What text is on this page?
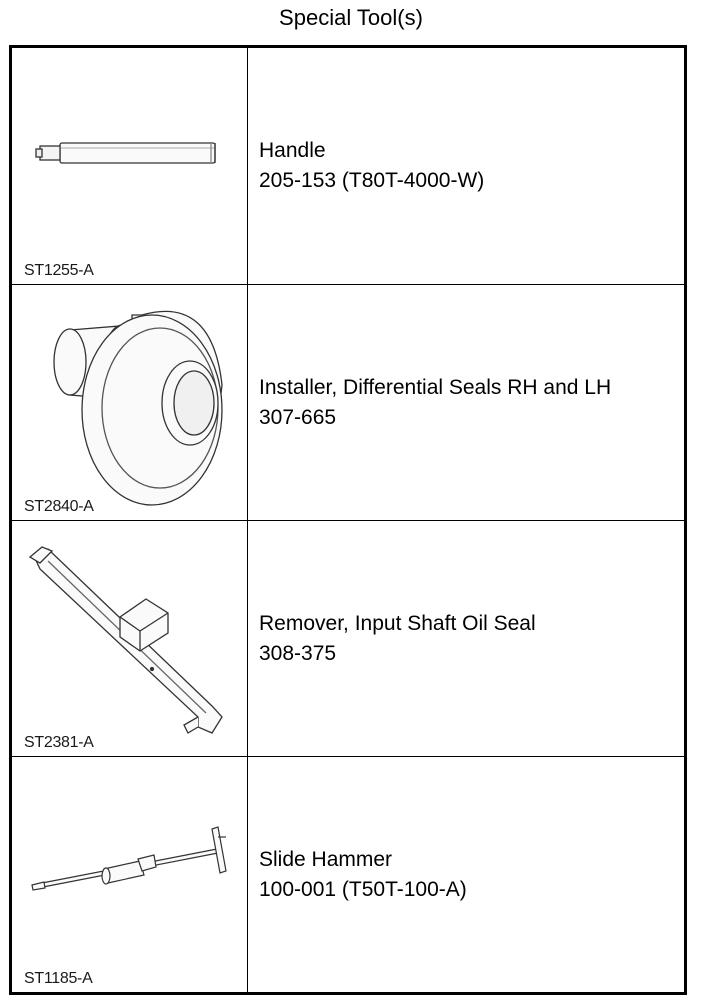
Special Tool(s)
ST1255-A
Handle
205-153 (T80T-4000-W)
ST2840-A
Installer, Differential Seals RH and LH
307-665
ST2381-A
Remover, Input Shaft Oil Seal
308-375
ST1185-A
Slide Hammer
100-001 (T50T-100-A)
